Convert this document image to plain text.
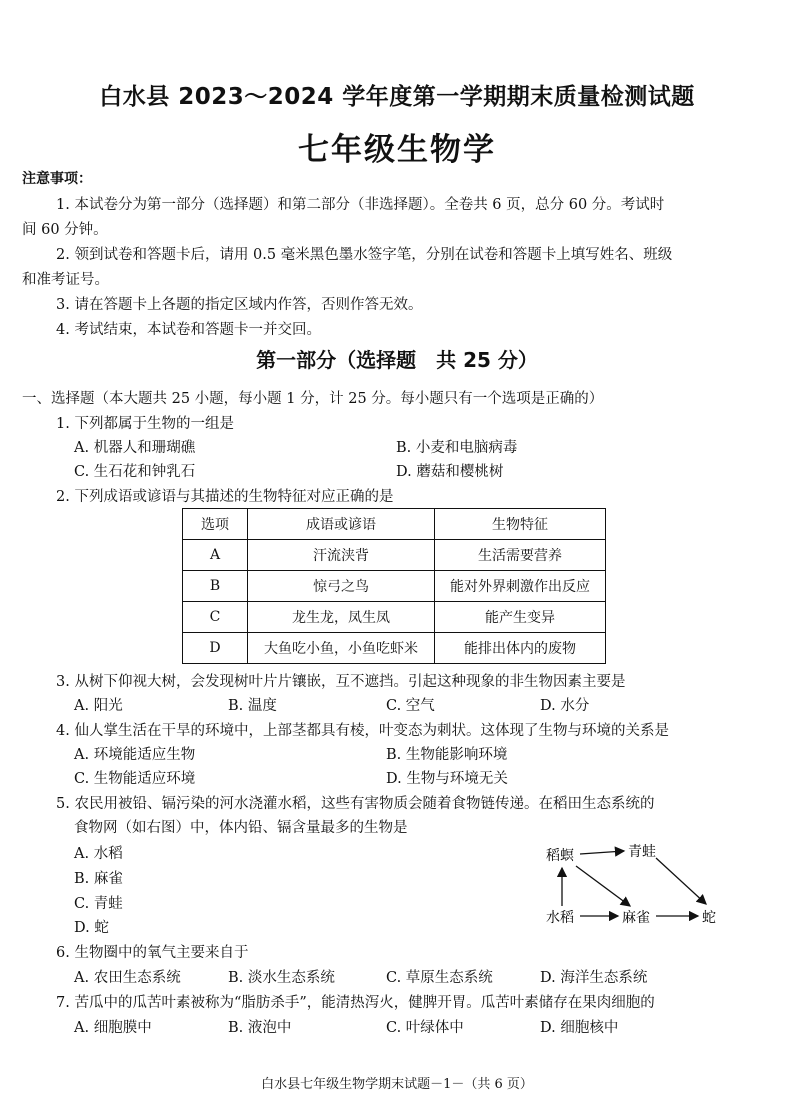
白水县 2023～2024 学年度第一学期期末质量检测试题
七年级生物学
注意事项：
1. 本试卷分为第一部分（选择题）和第二部分（非选择题）。全卷共 6 页，总分 60 分。考试时
间 60 分钟。
2. 领到试卷和答题卡后，请用 0.5 毫米黑色墨水签字笔，分别在试卷和答题卡上填写姓名、班级
和准考证号。
3. 请在答题卡上各题的指定区域内作答，否则作答无效。
4. 考试结束，本试卷和答题卡一并交回。
第一部分（选择题　共 25 分）
一、选择题（本大题共 25 小题，每小题 1 分，计 25 分。每小题只有一个选项是正确的）
1. 下列都属于生物的一组是
A. 机器人和珊瑚礁	B. 小麦和电脑病毒
C. 生石花和钟乳石	D. 蘑菇和樱桃树
2. 下列成语或谚语与其描述的生物特征对应正确的是
选项	成语或谚语	生物特征
A	汗流浃背	生活需要营养
B	惊弓之鸟	能对外界刺激作出反应
C	龙生龙，凤生凤	能产生变异
D	大鱼吃小鱼，小鱼吃虾米	能排出体内的废物
3. 从树下仰视大树，会发现树叶片片镶嵌，互不遮挡。引起这种现象的非生物因素主要是
A. 阳光	B. 温度	C. 空气	D. 水分
4. 仙人掌生活在干旱的环境中，上部茎都具有棱，叶变态为刺状。这体现了生物与环境的关系是
A. 环境能适应生物	B. 生物能影响环境
C. 生物能适应环境	D. 生物与环境无关
5. 农民用被铅、镉污染的河水浇灌水稻，这些有害物质会随着食物链传递。在稻田生态系统的
食物网（如右图）中，体内铅、镉含量最多的生物是
A. 水稻
B. 麻雀
C. 青蛙
D. 蛇
稻螟	青蛙
水稻	麻雀	蛇
6. 生物圈中的氧气主要来自于
A. 农田生态系统	B. 淡水生态系统	C. 草原生态系统	D. 海洋生态系统
7. 苦瓜中的瓜苦叶素被称为“脂肪杀手”，能清热泻火，健脾开胃。瓜苦叶素储存在果肉细胞的
A. 细胞膜中	B. 液泡中	C. 叶绿体中	D. 细胞核中
白水县七年级生物学期末试题－1－（共 6 页）
